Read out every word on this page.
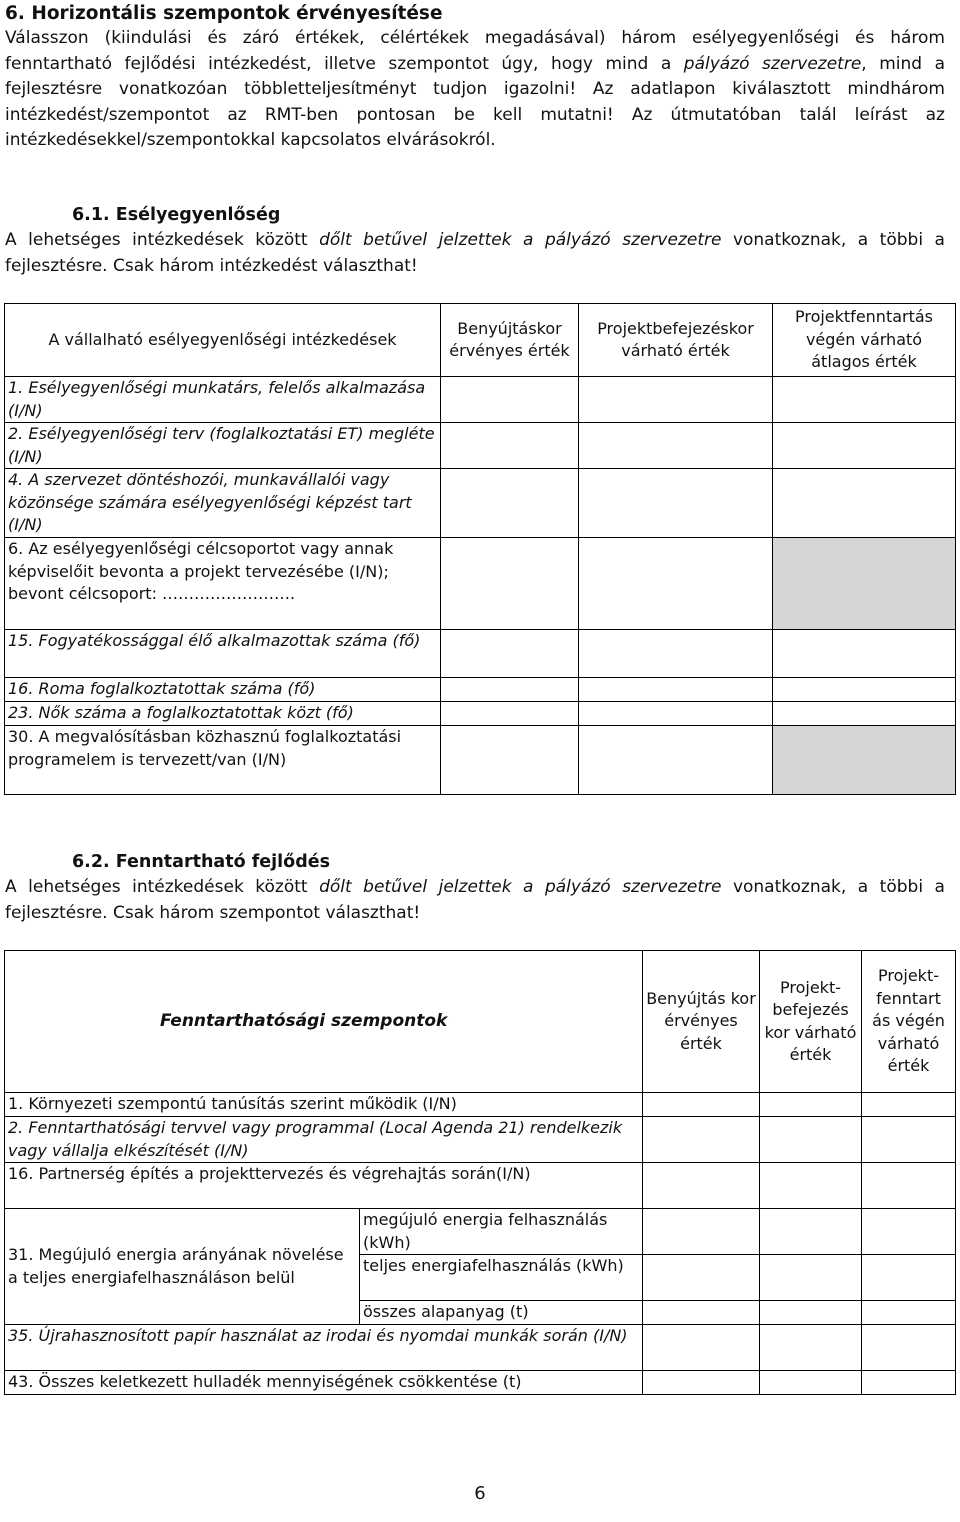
6. Horizontális szempontok érvényesítése

Válasszon (kiindulási és záró értékek, célértékek megadásával) három esélyegyenlőségi és három fenntartható fejlődési intézkedést, illetve szempontot úgy, hogy mind a pályázó szervezetre, mind a fejlesztésre vonatkozóan többletteljesítményt tudjon igazolni! Az adatlapon kiválasztott mindhárom intézkedést/szempontot az RMT-ben pontosan be kell mutatni! Az útmutatóban talál leírást az intézkedésekkel/szempontokkal kapcsolatos elvárásokról.

6.1. Esélyegyenlőség

A lehetséges intézkedések között dőlt betűvel jelzettek a pályázó szervezetre vonatkoznak, a többi a fejlesztésre. Csak három intézkedést választhat!

A vállalható esélyegyenlőségi intézkedések	Benyújtáskor érvényes érték	Projektbefejezéskor várható érték	Projektfenntartás végén várható átlagos érték
1. Esélyegyenlőségi munkatárs, felelős alkalmazása (I/N)			
2. Esélyegyenlőségi terv (foglalkoztatási ET) megléte (I/N)			
4. A szervezet döntéshozói, munkavállalói vagy közönsége számára esélyegyenlőségi képzést tart (I/N)			
6. Az esélyegyenlőségi célcsoportot vagy annak képviselőit bevonta a projekt tervezésébe (I/N); bevont célcsoport: …………………….			
15. Fogyatékossággal élő alkalmazottak száma (fő)			
16. Roma foglalkoztatottak száma (fő)			
23. Nők száma a foglalkoztatottak közt (fő)			
30. A megvalósításban közhasznú foglalkoztatási programelem is tervezett/van (I/N)			
6.2. Fenntartható fejlődés

A lehetséges intézkedések között dőlt betűvel jelzettek a pályázó szervezetre vonatkoznak, a többi a fejlesztésre. Csak három szempontot választhat!

Fenntarthatósági szempontok		Benyújtás kor érvényes érték	Projekt-befejezés kor várható érték	Projekt-fenntart ás végén várható érték
1. Környezeti szempontú tanúsítás szerint működik (I/N)				
2. Fenntarthatósági tervvel vagy programmal (Local Agenda 21) rendelkezik vagy vállalja elkészítését (I/N)				
16. Partnerség építés a projekttervezés és végrehajtás során(I/N)				
31. Megújuló energia arányának növelése a teljes energiafelhasználáson belül	megújuló energia felhasználás (kWh)			
	teljes energiafelhasználás (kWh)			
	összes alapanyag (t)			
35. Újrahasznosított papír használat az irodai és nyomdai munkák során (I/N)				
43. Összes keletkezett hulladék mennyiségének csökkentése (t)				
6
